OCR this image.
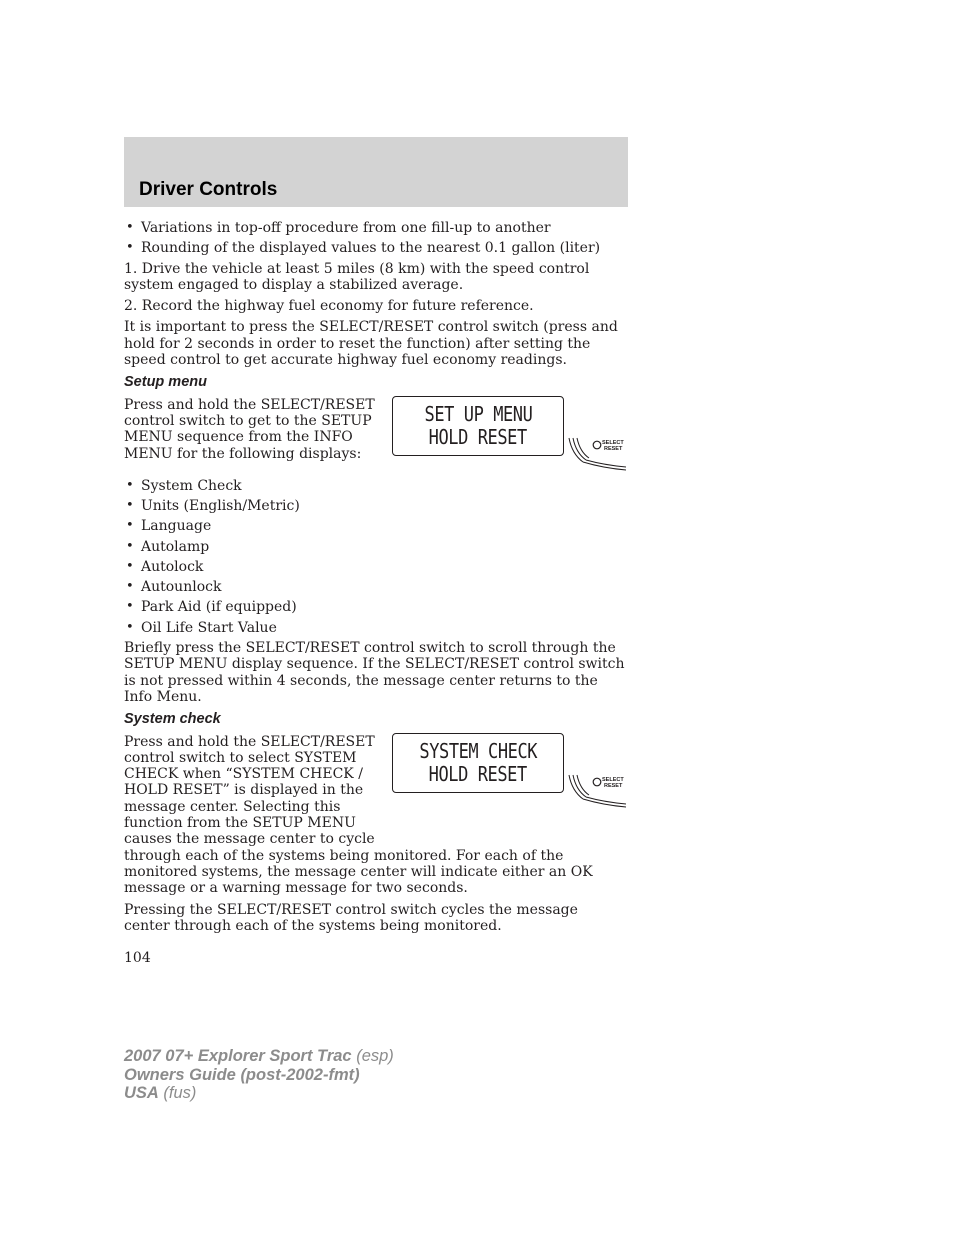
Driver Controls
• Variations in top-off procedure from one fill-up to another
• Rounding of the displayed values to the nearest 0.1 gallon (liter)

1. Drive the vehicle at least 5 miles (8 km) with the speed control system engaged to display a stabilized average.

2. Record the highway fuel economy for future reference.

It is important to press the SELECT/RESET control switch (press and hold for 2 seconds in order to reset the function) after setting the speed control to get accurate highway fuel economy readings.

Setup menu
SET UP MENU
HOLD RESET	SELECT
RESET

Press and hold the SELECT/RESET control switch to get to the SETUP MENU sequence from the INFO MENU for the following displays:

• System Check
• Units (English/Metric)
• Language
• Autolamp
• Autolock
• Autounlock
• Park Aid (if equipped)
• Oil Life Start Value

Briefly press the SELECT/RESET control switch to scroll through the SETUP MENU display sequence. If the SELECT/RESET control switch is not pressed within 4 seconds, the message center returns to the Info Menu.

System check
SYSTEM CHECK
HOLD RESET	SELECT
RESET

Press and hold the SELECT/RESET control switch to select SYSTEM CHECK when “SYSTEM CHECK / HOLD RESET” is displayed in the message center. Selecting this function from the SETUP MENU causes the message center to cycle through each of the systems being monitored. For each of the monitored systems, the message center will indicate either an OK message or a warning message for two seconds.

Pressing the SELECT/RESET control switch cycles the message center through each of the systems being monitored.

104
2007 07+ Explorer Sport Trac (esp)
Owners Guide (post-2002-fmt)
USA (fus)
